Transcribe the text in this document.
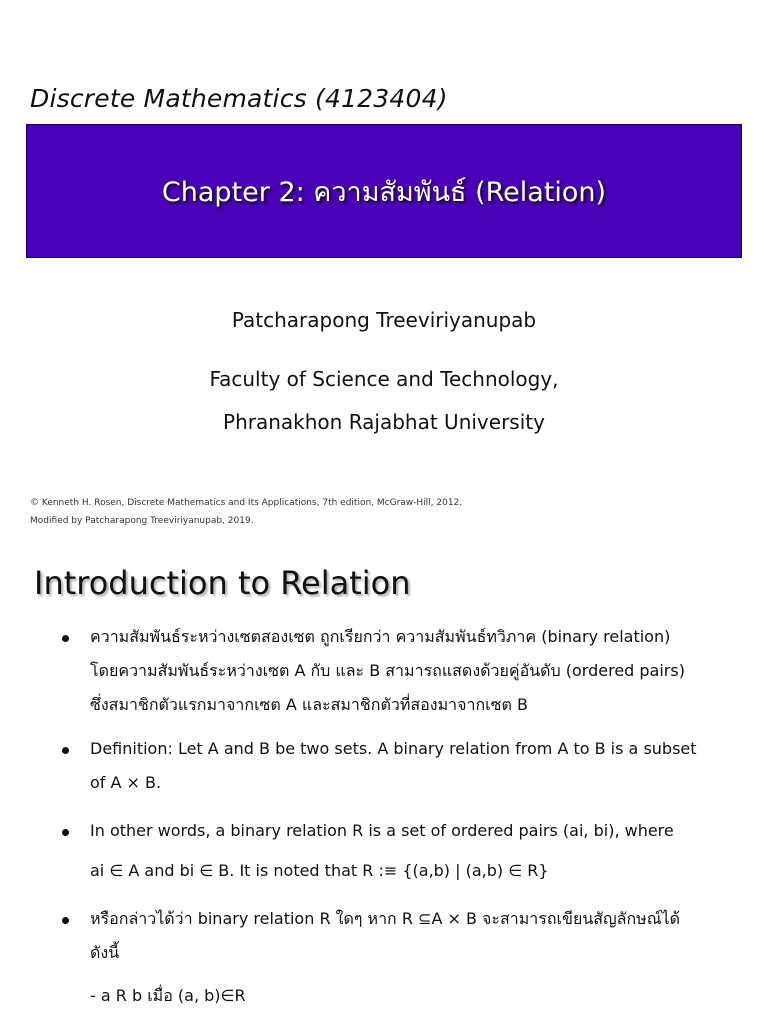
Discrete Mathematics (4123404)
Chapter 2: ความสัมพันธ์ (Relation)
Patcharapong Treeviriyanupab
Faculty of Science and Technology,
Phranakhon Rajabhat University
© Kenneth H. Rosen, Discrete Mathematics and Its Applications, 7th edition, McGraw-Hill, 2012.
Modified by Patcharapong Treeviriyanupab, 2019.
Introduction to Relation
ความสัมพันธ์ระหว่างเซตสองเซต ถูกเรียกว่า ความสัมพันธ์ทวิภาค (binary relation)
โดยความสัมพันธ์ระหว่างเซต A กับ และ B สามารถแสดงด้วยคู่อันดับ (ordered pairs)
ซึ่งสมาชิกตัวแรกมาจากเซต A และสมาชิกตัวที่สองมาจากเซต B
Definition: Let A and B be two sets. A binary relation from A to B is a subset
of A × B.
In other words, a binary relation R is a set of ordered pairs (ai, bi), where
ai ∈ A and bi ∈ B. It is noted that R :≡ {(a,b) | (a,b) ∈ R}
หรือกล่าวได้ว่า binary relation R ใดๆ หาก R ⊆A × B จะสามารถเขียนสัญลักษณ์ได้
ดังนี้
- a R b เมื่อ (a, b)∈R
